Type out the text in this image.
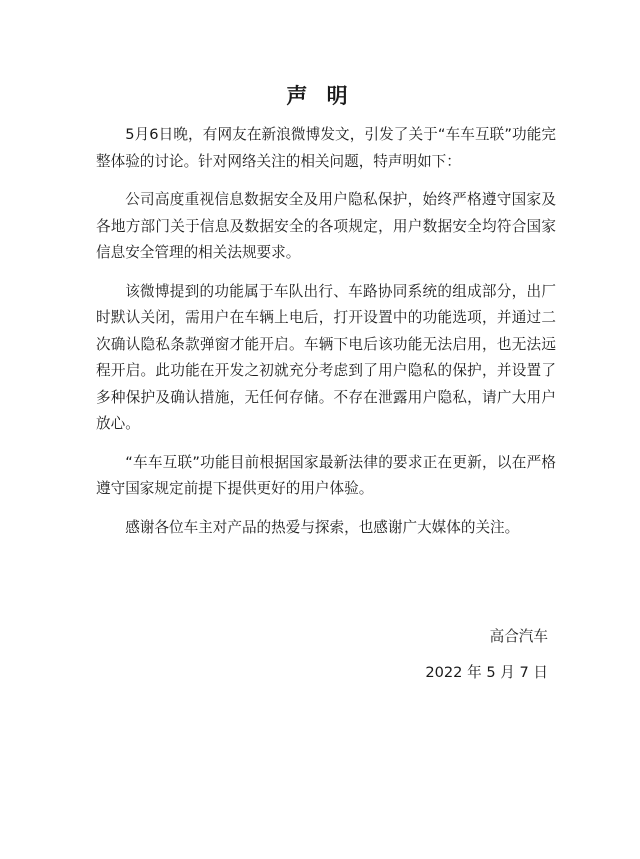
声 明

5月6日晚，有网友在新浪微博发文，引发了关于“车车互联”功能完整体验的讨论。针对网络关注的相关问题，特声明如下：

公司高度重视信息数据安全及用户隐私保护，始终严格遵守国家及各地方部门关于信息及数据安全的各项规定，用户数据安全均符合国家信息安全管理的相关法规要求。

该微博提到的功能属于车队出行、车路协同系统的组成部分，出厂时默认关闭，需用户在车辆上电后，打开设置中的功能选项，并通过二次确认隐私条款弹窗才能开启。车辆下电后该功能无法启用，也无法远程开启。此功能在开发之初就充分考虑到了用户隐私的保护，并设置了多种保护及确认措施，无任何存储。不存在泄露用户隐私，请广大用户放心。

“车车互联”功能目前根据国家最新法律的要求正在更新，以在严格遵守国家规定前提下提供更好的用户体验。

感谢各位车主对产品的热爱与探索，也感谢广大媒体的关注。

高合汽车
2022 年 5 月 7 日
